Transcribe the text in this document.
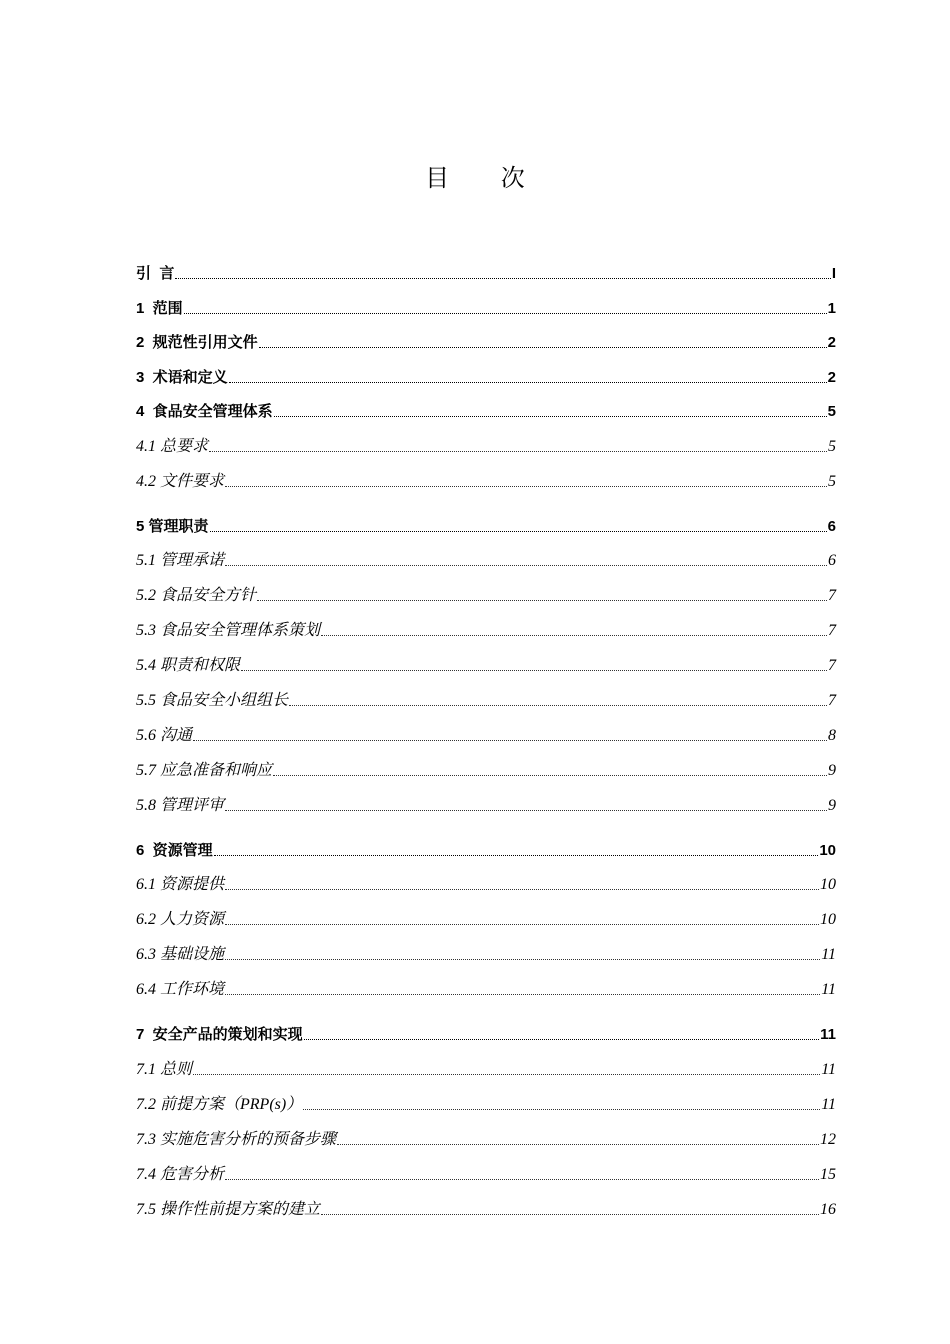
目 次
引  言	I
1  范围	1
2  规范性引用文件	2
3  术语和定义	2
4  食品安全管理体系	5
4.1 总要求	5
4.2 文件要求	5
5 管理职责	6
5.1 管理承诺	6
5.2 食品安全方针	7
5.3 食品安全管理体系策划	7
5.4 职责和权限	7
5.5 食品安全小组组长	7
5.6 沟通	8
5.7 应急准备和响应	9
5.8 管理评审	9
6  资源管理	10
6.1 资源提供	10
6.2 人力资源	10
6.3 基础设施	11
6.4 工作环境	11
7  安全产品的策划和实现	11
7.1 总则	11
7.2 前提方案（PRP(s)）	11
7.3 实施危害分析的预备步骤	12
7.4 危害分析	15
7.5 操作性前提方案的建立	16
